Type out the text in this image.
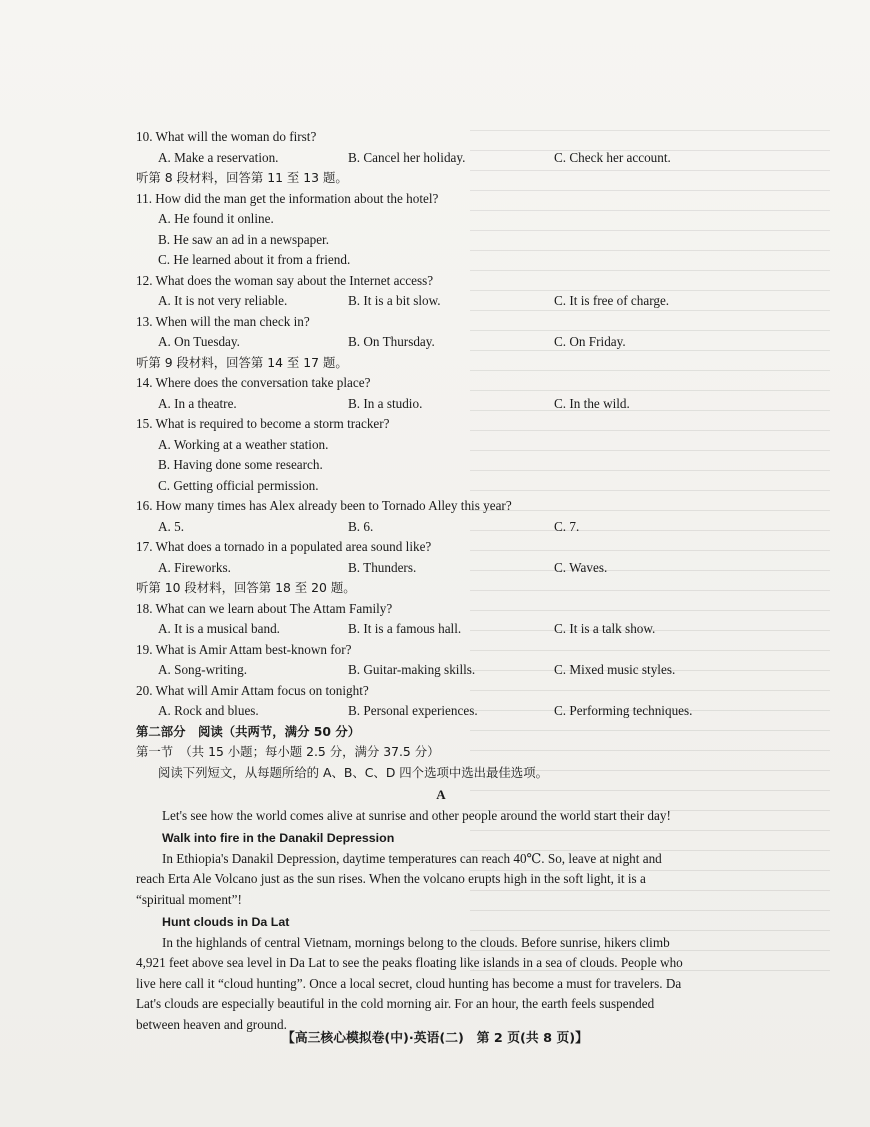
10. What will the woman do first?

A. Make a reservation.	B. Cancel her holiday.	C. Check her account.

听第 8 段材料，回答第 11 至 13 题。

11. How did the man get the information about the hotel?

A. He found it online.

B. He saw an ad in a newspaper.

C. He learned about it from a friend.

12. What does the woman say about the Internet access?

A. It is not very reliable.	B. It is a bit slow.	C. It is free of charge.

13. When will the man check in?

A. On Tuesday.	B. On Thursday.	C. On Friday.

听第 9 段材料，回答第 14 至 17 题。

14. Where does the conversation take place?

A. In a theatre.	B. In a studio.	C. In the wild.

15. What is required to become a storm tracker?

A. Working at a weather station.

B. Having done some research.

C. Getting official permission.

16. How many times has Alex already been to Tornado Alley this year?

A. 5.	B. 6.	C. 7.

17. What does a tornado in a populated area sound like?

A. Fireworks.	B. Thunders.	C. Waves.

听第 10 段材料，回答第 18 至 20 题。

18. What can we learn about The Attam Family?

A. It is a musical band.	B. It is a famous hall.	C. It is a talk show.

19. What is Amir Attam best-known for?

A. Song-writing.	B. Guitar-making skills.	C. Mixed music styles.

20. What will Amir Attam focus on tonight?

A. Rock and blues.	B. Personal experiences.	C. Performing techniques.

第二部分　阅读（共两节，满分 50 分）

第一节　（共 15 小题；每小题 2.5 分，满分 37.5 分）

阅读下列短文，从每题所给的 A、B、C、D 四个选项中选出最佳选项。

A

Let's see how the world comes alive at sunrise and other people around the world start their day!

Walk into fire in the Danakil Depression

In Ethiopia's Danakil Depression, daytime temperatures can reach 40℃. So, leave at night and

reach Erta Ale Volcano just as the sun rises. When the volcano erupts high in the soft light, it is a

“spiritual moment”!

Hunt clouds in Da Lat

In the highlands of central Vietnam, mornings belong to the clouds. Before sunrise, hikers climb

4,921 feet above sea level in Da Lat to see the peaks floating like islands in a sea of clouds. People who

live here call it “cloud hunting”. Once a local secret, cloud hunting has become a must for travelers. Da

Lat's clouds are especially beautiful in the cold morning air. For an hour, the earth feels suspended

between heaven and ground.

【高三核心模拟卷(中)·英语(二)　第 2 页(共 8 页)】
